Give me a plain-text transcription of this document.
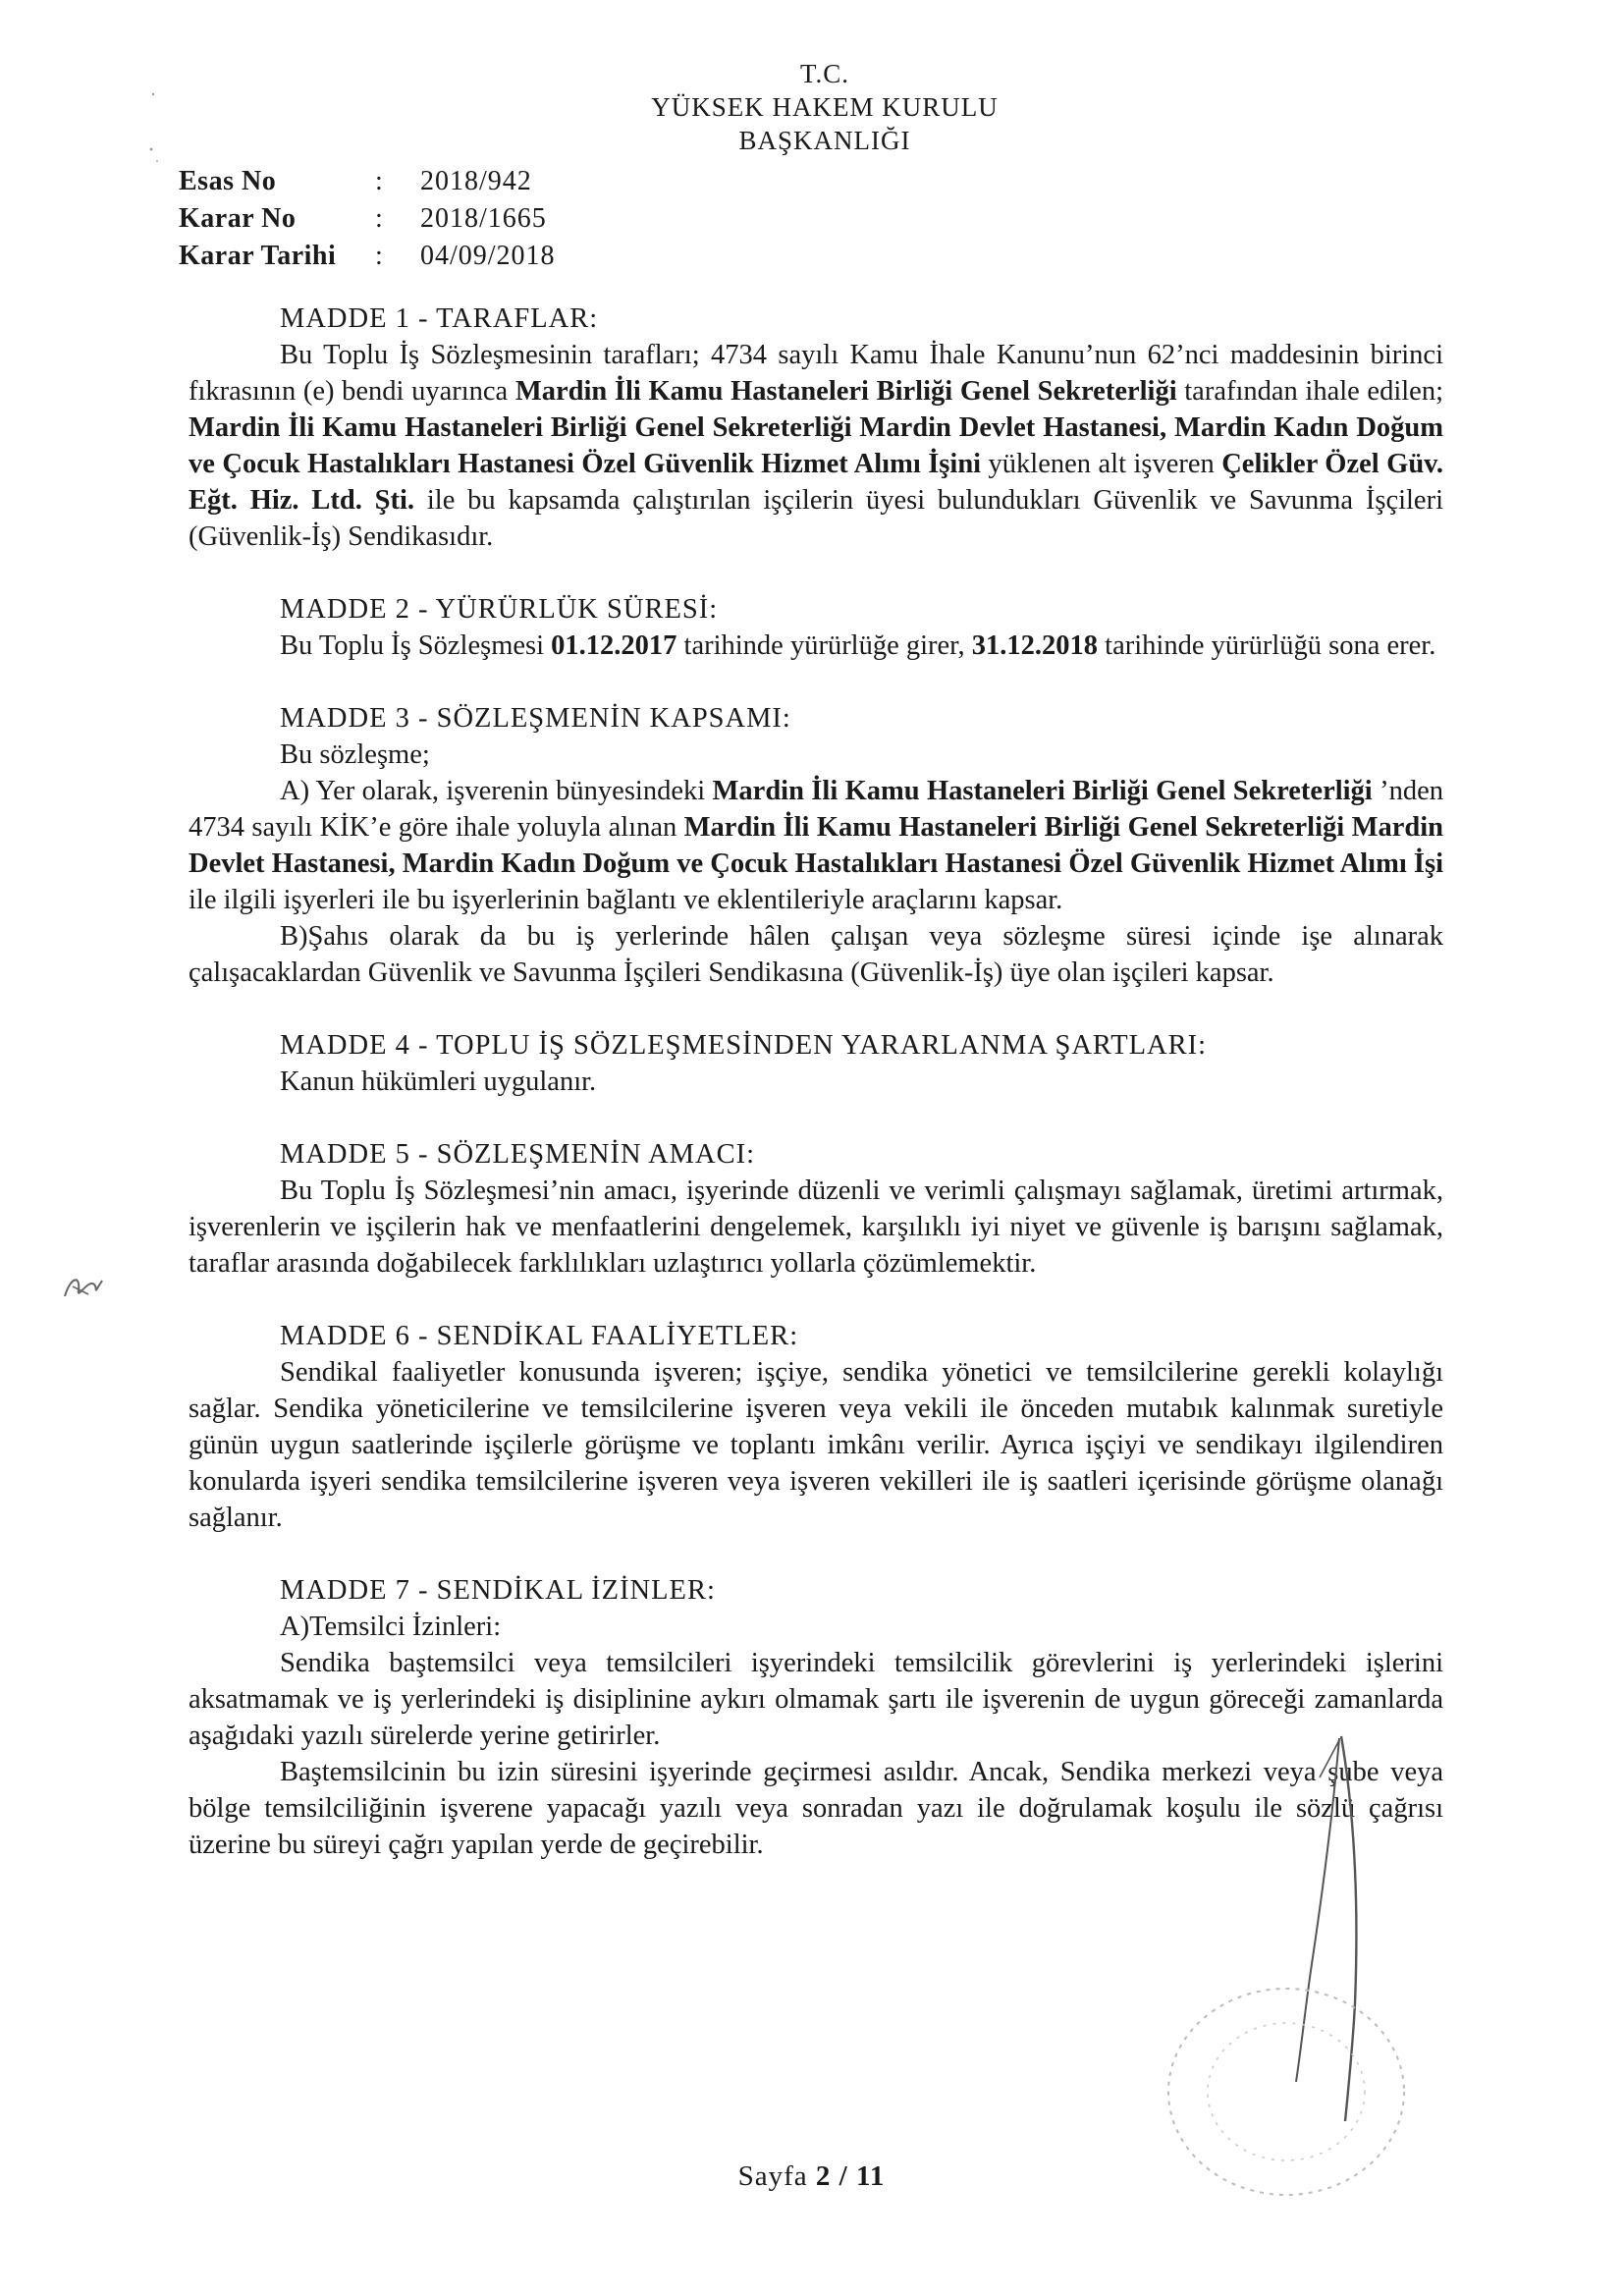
T.C.
YÜKSEK HAKEM KURULU
BAŞKANLIĞI
Esas No	:	2018/942
Karar No	:	2018/1665
Karar Tarihi	:	04/09/2018
MADDE 1 - TARAFLAR:

Bu Toplu İş Sözleşmesinin tarafları; 4734 sayılı Kamu İhale Kanunu’nun 62’nci maddesinin birinci fıkrasının (e) bendi uyarınca Mardin İli Kamu Hastaneleri Birliği Genel Sekreterliği tarafından ihale edilen; Mardin İli Kamu Hastaneleri Birliği Genel Sekreterliği Mardin Devlet Hastanesi, Mardin Kadın Doğum ve Çocuk Hastalıkları Hastanesi Özel Güvenlik Hizmet Alımı İşini yüklenen alt işveren Çelikler Özel Güv. Eğt. Hiz. Ltd. Şti. ile bu kapsamda çalıştırılan işçilerin üyesi bulundukları Güvenlik ve Savunma İşçileri (Güvenlik-İş) Sendikasıdır.

MADDE 2 - YÜRÜRLÜK SÜRESİ:

Bu Toplu İş Sözleşmesi 01.12.2017 tarihinde yürürlüğe girer, 31.12.2018 tarihinde yürürlüğü sona erer.

MADDE 3 - SÖZLEŞMENİN KAPSAMI:

Bu sözleşme;

A) Yer olarak, işverenin bünyesindeki Mardin İli Kamu Hastaneleri Birliği Genel Sekreterliği ’nden 4734 sayılı KİK’e göre ihale yoluyla alınan Mardin İli Kamu Hastaneleri Birliği Genel Sekreterliği Mardin Devlet Hastanesi, Mardin Kadın Doğum ve Çocuk Hastalıkları Hastanesi Özel Güvenlik Hizmet Alımı İşi ile ilgili işyerleri ile bu işyerlerinin bağlantı ve eklentileriyle araçlarını kapsar.

B)Şahıs olarak da bu iş yerlerinde hâlen çalışan veya sözleşme süresi içinde işe alınarak çalışacaklardan Güvenlik ve Savunma İşçileri Sendikasına (Güvenlik-İş) üye olan işçileri kapsar.

MADDE 4 - TOPLU İŞ SÖZLEŞMESİNDEN YARARLANMA ŞARTLARI:

Kanun hükümleri uygulanır.

MADDE 5 - SÖZLEŞMENİN AMACI:

Bu Toplu İş Sözleşmesi’nin amacı, işyerinde düzenli ve verimli çalışmayı sağlamak, üretimi artırmak, işverenlerin ve işçilerin hak ve menfaatlerini dengelemek, karşılıklı iyi niyet ve güvenle iş barışını sağlamak, taraflar arasında doğabilecek farklılıkları uzlaştırıcı yollarla çözümlemektir.

MADDE 6 - SENDİKAL FAALİYETLER:

Sendikal faaliyetler konusunda işveren; işçiye, sendika yönetici ve temsilcilerine gerekli kolaylığı sağlar. Sendika yöneticilerine ve temsilcilerine işveren veya vekili ile önceden mutabık kalınmak suretiyle günün uygun saatlerinde işçilerle görüşme ve toplantı imkânı verilir. Ayrıca işçiyi ve sendikayı ilgilendiren konularda işyeri sendika temsilcilerine işveren veya işveren vekilleri ile iş saatleri içerisinde görüşme olanağı sağlanır.

MADDE 7 - SENDİKAL İZİNLER:

A)Temsilci İzinleri:

Sendika baştemsilci veya temsilcileri işyerindeki temsilcilik görevlerini iş yerlerindeki işlerini aksatmamak ve iş yerlerindeki iş disiplinine aykırı olmamak şartı ile işverenin de uygun göreceği zamanlarda aşağıdaki yazılı sürelerde yerine getirirler.

Baştemsilcinin bu izin süresini işyerinde geçirmesi asıldır. Ancak, Sendika merkezi veya şube veya bölge temsilciliğinin işverene yapacağı yazılı veya sonradan yazı ile doğrulamak koşulu ile sözlü çağrısı üzerine bu süreyi çağrı yapılan yerde de geçirebilir.

Sayfa 2 / 11
